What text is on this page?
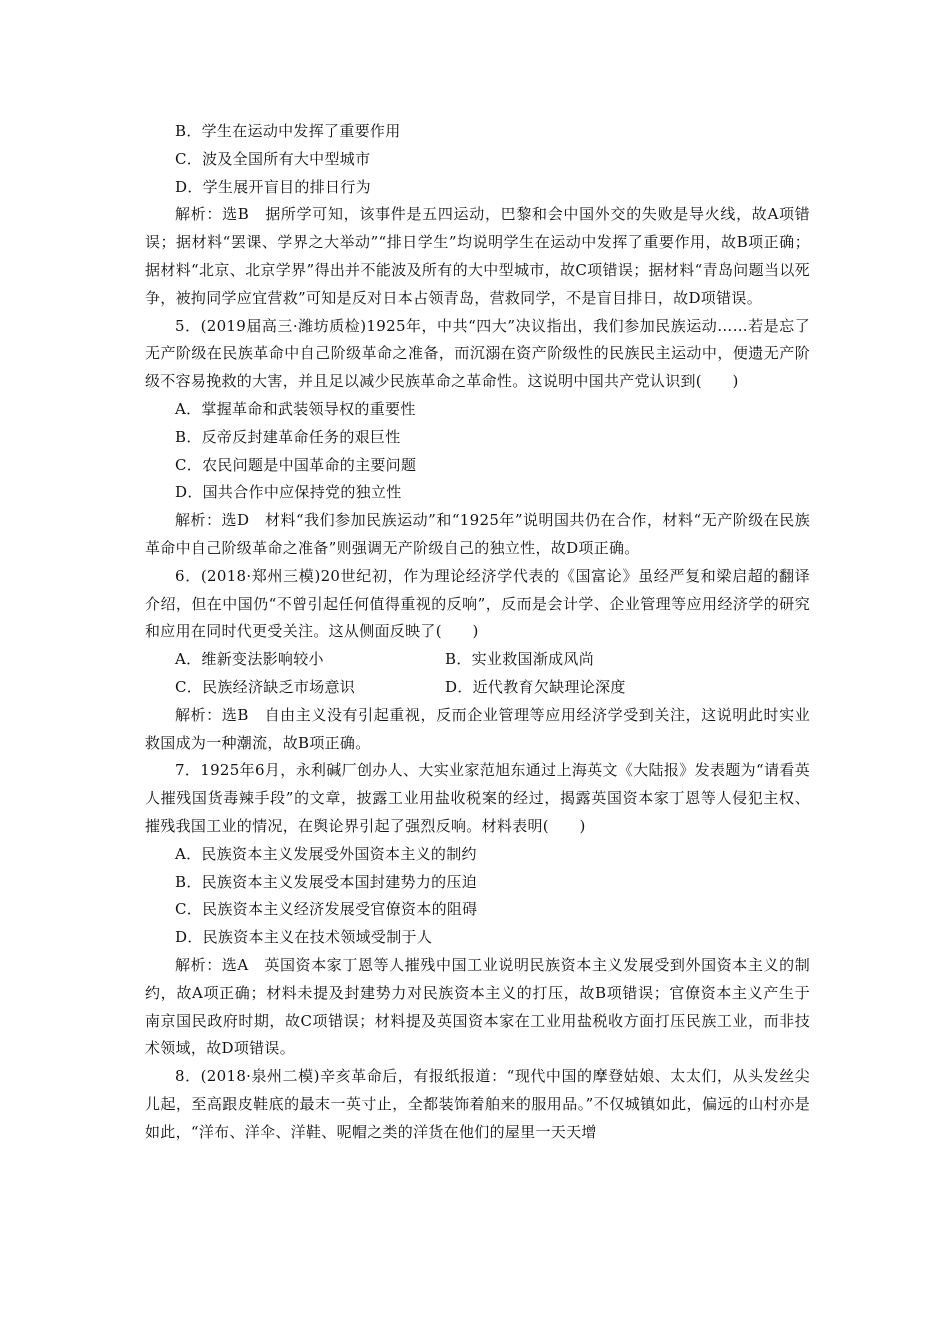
B．学生在运动中发挥了重要作用

C．波及全国所有大中型城市

D．学生展开盲目的排日行为

解析：选B　据所学可知，该事件是五四运动，巴黎和会中国外交的失败是导火线，故A项错误；据材料“罢课、学界之大举动”“排日学生”均说明学生在运动中发挥了重要作用，故B项正确；据材料“北京、北京学界”得出并不能波及所有的大中型城市，故C项错误；据材料“青岛问题当以死争，被拘同学应宜营救”可知是反对日本占领青岛，营救同学，不是盲目排日，故D项错误。

5．(2019届高三·潍坊质检)1925年，中共“四大”决议指出，我们参加民族运动……若是忘了无产阶级在民族革命中自己阶级革命之准备，而沉溺在资产阶级性的民族民主运动中，便遗无产阶级不容易挽救的大害，并且足以减少民族革命之革命性。这说明中国共产党认识到(　　)

A．掌握革命和武装领导权的重要性

B．反帝反封建革命任务的艰巨性

C．农民问题是中国革命的主要问题

D．国共合作中应保持党的独立性

解析：选D　材料“我们参加民族运动”和“1925年”说明国共仍在合作，材料“无产阶级在民族革命中自己阶级革命之准备”则强调无产阶级自己的独立性，故D项正确。

6．(2018·郑州三模)20世纪初，作为理论经济学代表的《国富论》虽经严复和梁启超的翻译介绍，但在中国仍“不曾引起任何值得重视的反响”，反而是会计学、企业管理等应用经济学的研究和应用在同时代更受关注。这从侧面反映了(　　)

A．维新变法影响较小	B．实业救国渐成风尚
C．民族经济缺乏市场意识	D．近代教育欠缺理论深度

解析：选B　自由主义没有引起重视，反而企业管理等应用经济学受到关注，这说明此时实业救国成为一种潮流，故B项正确。

7．1925年6月，永利碱厂创办人、大实业家范旭东通过上海英文《大陆报》发表题为“请看英人摧残国货毒辣手段”的文章，披露工业用盐收税案的经过，揭露英国资本家丁恩等人侵犯主权、摧残我国工业的情况，在舆论界引起了强烈反响。材料表明(　　)

A．民族资本主义发展受外国资本主义的制约

B．民族资本主义发展受本国封建势力的压迫

C．民族资本主义经济发展受官僚资本的阻碍

D．民族资本主义在技术领域受制于人

解析：选A　英国资本家丁恩等人摧残中国工业说明民族资本主义发展受到外国资本主义的制约，故A项正确；材料未提及封建势力对民族资本主义的打压，故B项错误；官僚资本主义产生于南京国民政府时期，故C项错误；材料提及英国资本家在工业用盐税收方面打压民族工业，而非技术领域，故D项错误。

8．(2018·泉州二模)辛亥革命后，有报纸报道：“现代中国的摩登姑娘、太太们，从头发丝尖儿起，至高跟皮鞋底的最末一英寸止，全都装饰着舶来的服用品。”不仅城镇如此，偏远的山村亦是如此，“洋布、洋伞、洋鞋、呢帽之类的洋货在他们的屋里一天天增
